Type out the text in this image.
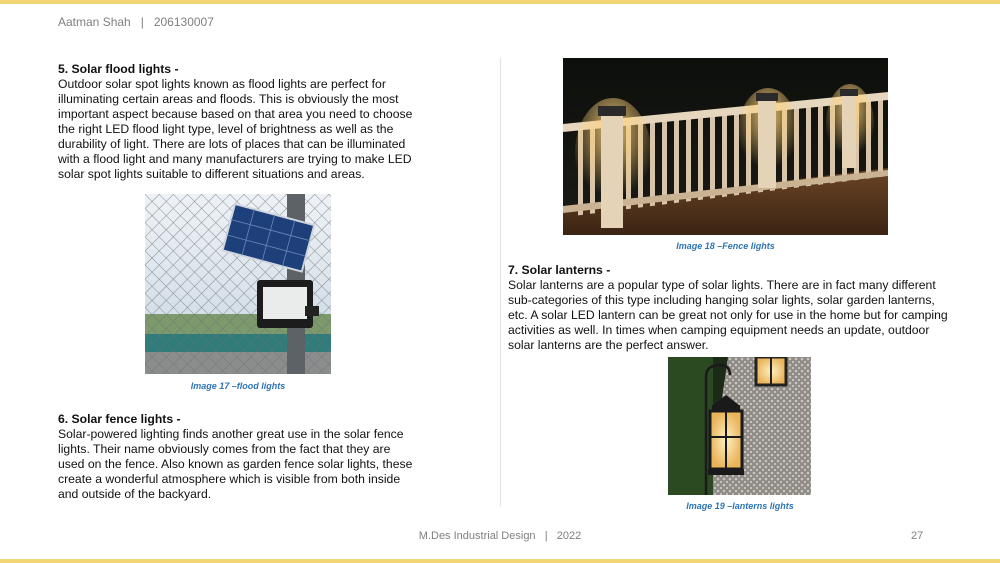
Aatman Shah   |   206130007
5. Solar flood lights -

Outdoor solar spot lights known as flood lights are perfect for illuminating certain areas and floods. This is obviously the most important aspect because based on that area you need to choose the right LED flood light type, level of brightness as well as the durability of light. There are lots of places that can be illuminated with a flood light and many manufacturers are trying to make LED solar spot lights suitable to different situations and areas.

Image 17 –flood lights
6. Solar fence lights -

Solar-powered lighting finds another great use in the solar fence lights. Their name obviously comes from the fact that they are used on the fence. Also known as garden fence solar lights, these create a wonderful atmosphere which is visible from both inside and outside of the backyard.

Image 18 –Fence lights
7. Solar lanterns -

Solar lanterns are a popular type of solar lights. There are in fact many different sub-categories of this type including hanging solar lights, solar garden lanterns, etc. A solar LED lantern can be great not only for use in the home but for camping activities as well. In times when camping equipment needs an update, outdoor solar lanterns are the perfect answer.

Image 19 –lanterns lights
M.Des Industrial Design   |   2022	27
